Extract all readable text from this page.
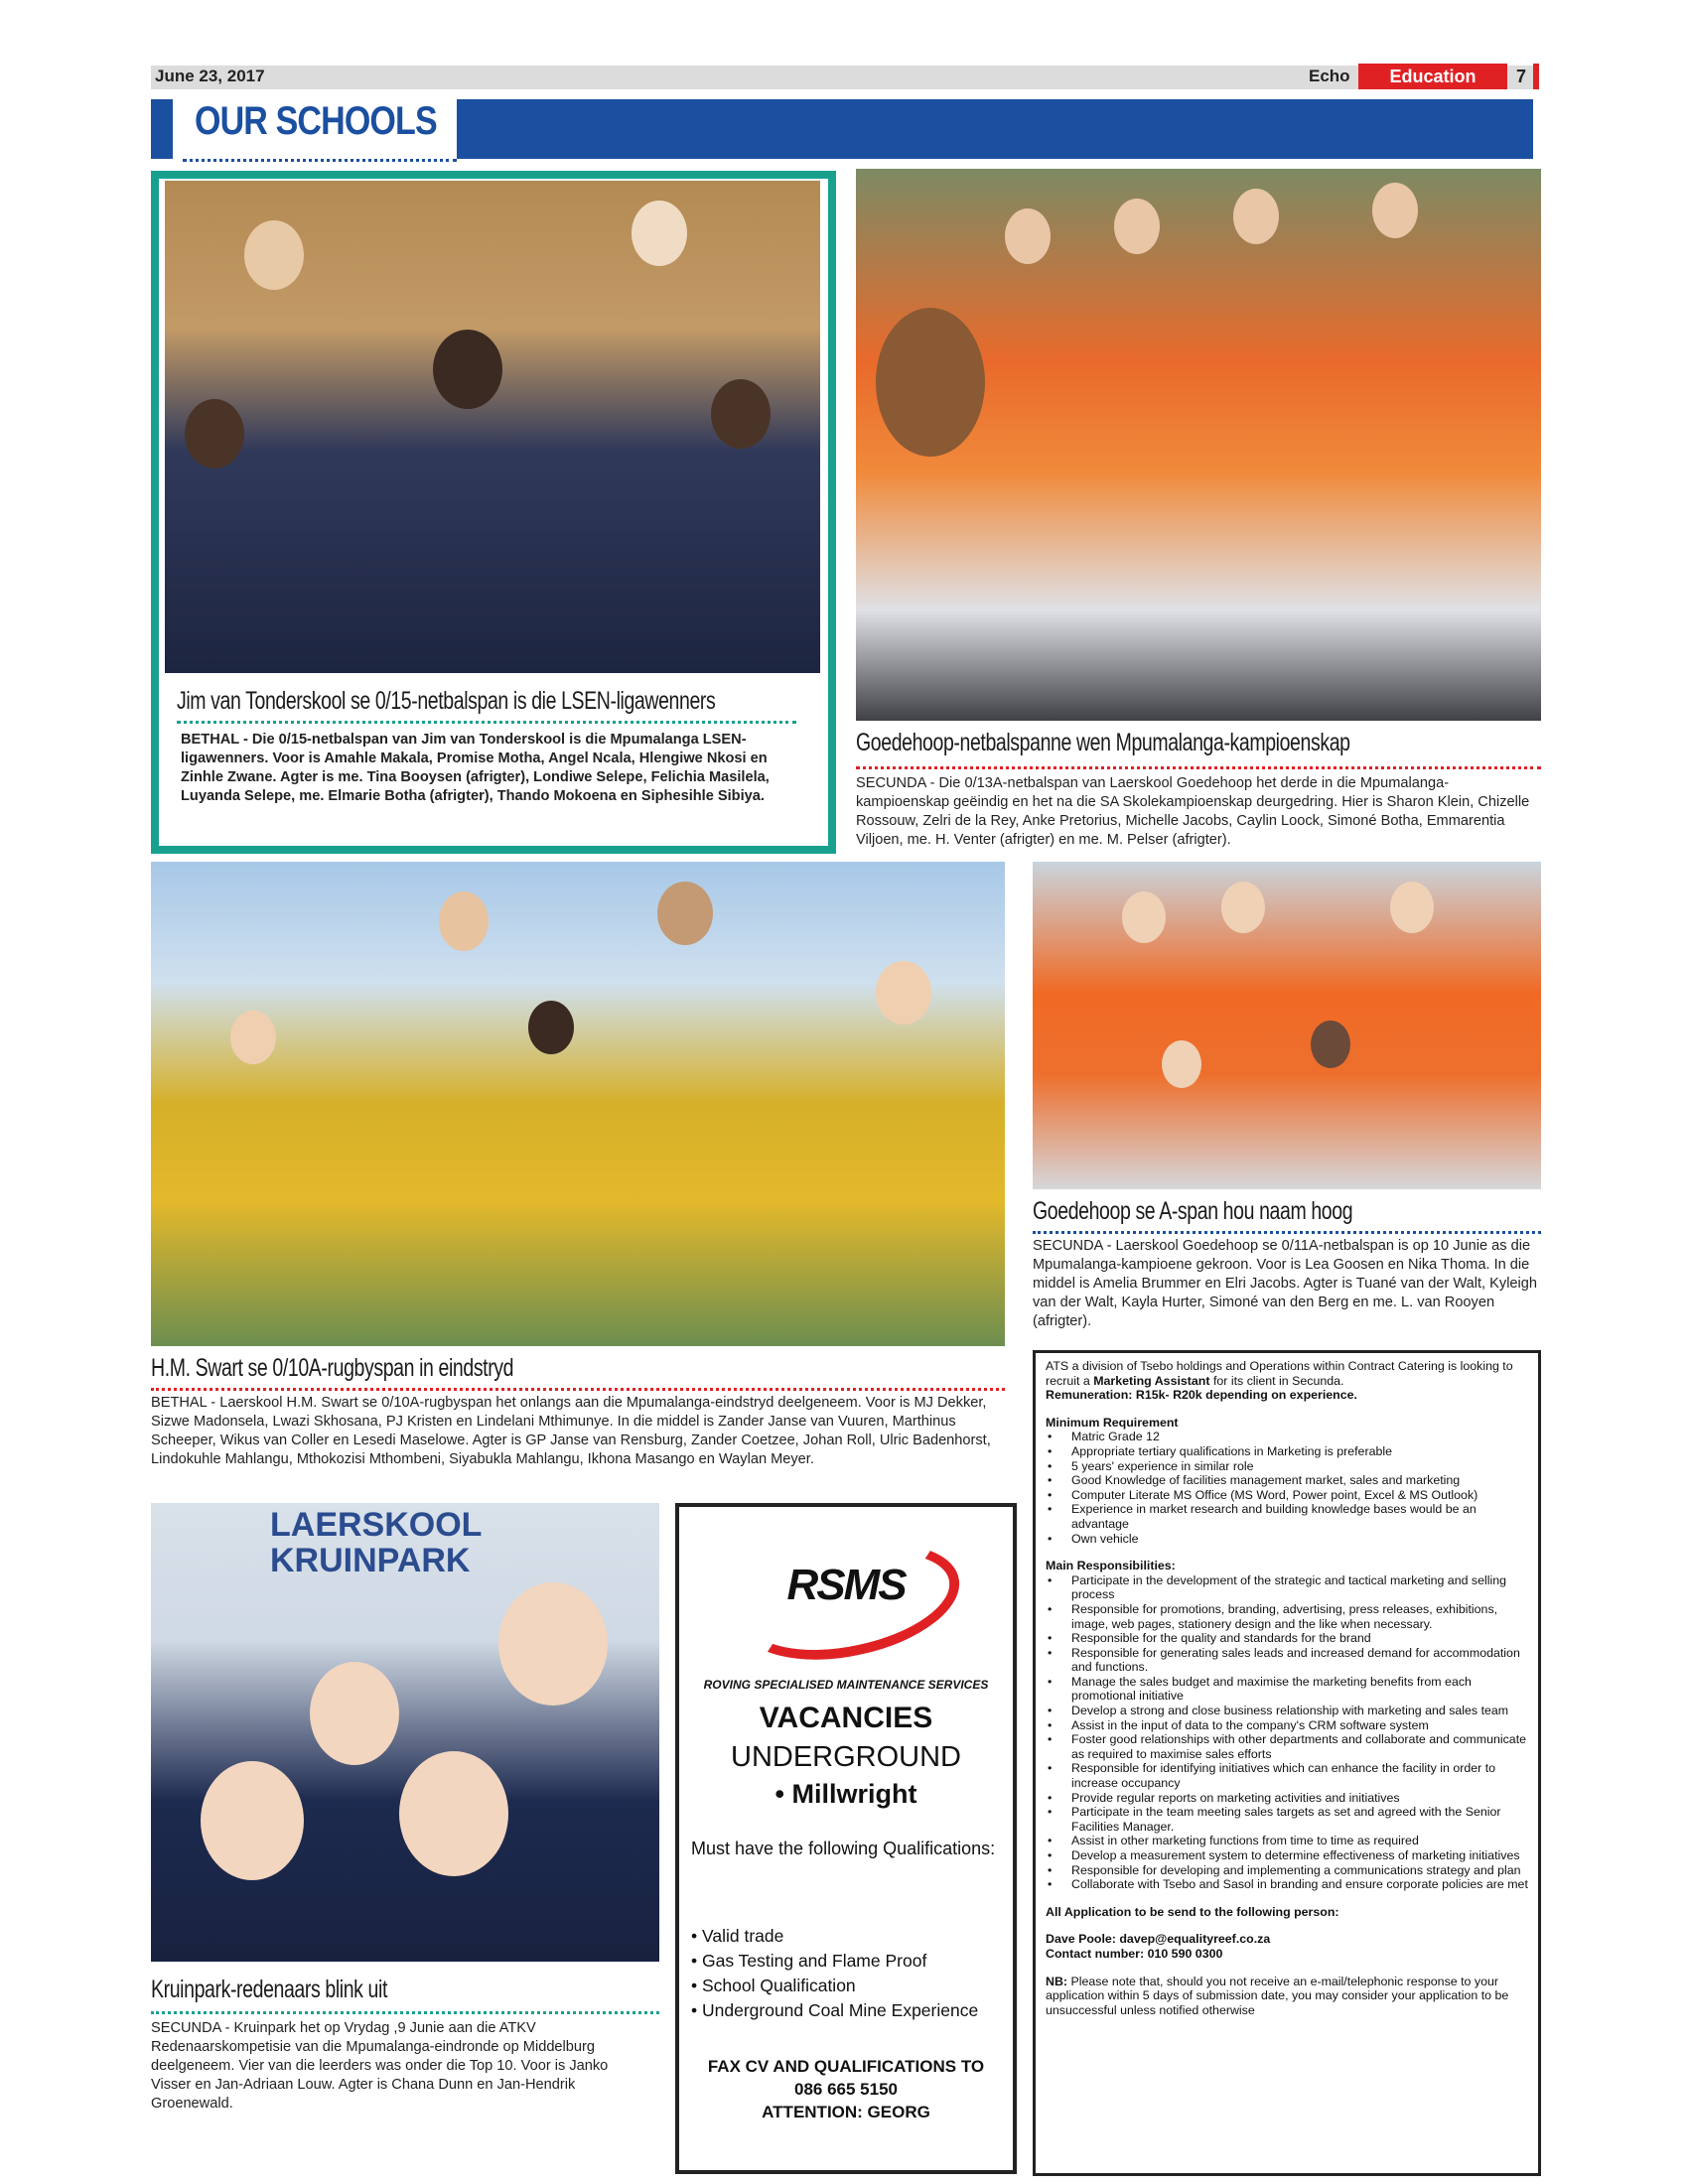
June 23, 2017	Echo	Education	7
OUR SCHOOLS
Jim van Tonderskool se 0/15-netbalspan is die LSEN-ligawenners
BETHAL - Die 0/15-netbalspan van Jim van Tonderskool is die Mpumalanga LSEN-ligawenners. Voor is Amahle Makala, Promise Motha, Angel Ncala, Hlengiwe Nkosi en Zinhle Zwane. Agter is me. Tina Booysen (afrigter), Londiwe Selepe, Felichia Masilela, Luyanda Selepe, me. Elmarie Botha (afrigter), Thando Mokoena en Siphesihle Sibiya.
Goedehoop-netbalspanne wen Mpumalanga-kampioenskap
SECUNDA - Die 0/13A-netbalspan van Laerskool Goedehoop het derde in die Mpumalanga-kampioenskap geëindig en het na die SA Skolekampioenskap deurgedring. Hier is Sharon Klein, Chizelle Rossouw, Zelri de la Rey, Anke Pretorius, Michelle Jacobs, Caylin Loock, Simoné Botha, Emmarentia Viljoen, me. H. Venter (afrigter) en me. M. Pelser (afrigter).
Goedehoop se A-span hou naam hoog
SECUNDA - Laerskool Goedehoop se 0/11A-netbalspan is op 10 Junie as die Mpumalanga-kampioene gekroon. Voor is Lea Goosen en Nika Thoma. In die middel is Amelia Brummer en Elri Jacobs. Agter is Tuané van der Walt, Kyleigh van der Walt, Kayla Hurter, Simoné van den Berg en me. L. van Rooyen (afrigter).
H.M. Swart se 0/10A-rugbyspan in eindstryd
BETHAL - Laerskool H.M. Swart se 0/10A-rugbyspan het onlangs aan die Mpumalanga-eindstryd deelgeneem. Voor is MJ Dekker, Sizwe Madonsela, Lwazi Skhosana, PJ Kristen en Lindelani Mthimunye. In die middel is Zander Janse van Vuuren, Marthinus Scheeper, Wikus van Coller en Lesedi Maselowe. Agter is GP Janse van Rensburg, Zander Coetzee, Johan Roll, Ulric Badenhorst, Lindokuhle Mahlangu, Mthokozisi Mthombeni, Siyabukla Mahlangu, Ikhona Masango en Waylan Meyer.
LAERSKOOL
KRUINPARK
Kruinpark-redenaars blink uit
SECUNDA - Kruinpark het op Vrydag ,9 Junie aan die ATKV Redenaarskompetisie van die Mpumalanga-eindronde op Middelburg deelgeneem. Vier van die leerders was onder die Top 10. Voor is Janko Visser en Jan-Adriaan Louw. Agter is Chana Dunn en Jan-Hendrik Groenewald.
RSMS
ROVING SPECIALISED MAINTENANCE SERVICES
VACANCIES
UNDERGROUND
• Millwright
Must have the following Qualifications:
• Valid trade
• Gas Testing and Flame Proof
• School Qualification
• Underground Coal Mine Experience
FAX CV AND QUALIFICATIONS TO
086 665 5150
ATTENTION: GEORG

ATS a division of Tsebo holdings and Operations within Contract Catering is looking to recruit a Marketing Assistant for its client in Secunda.

Remuneration: R15k- R20k depending on experience.

Minimum Requirement

• Matric Grade 12
• Appropriate tertiary qualifications in Marketing is preferable
• 5 years' experience in similar role
• Good Knowledge of facilities management market, sales and marketing
• Computer Literate MS Office (MS Word, Power point, Excel & MS Outlook)
• Experience in market research and building knowledge bases would be an advantage
• Own vehicle

Main Responsibilities:

• Participate in the development of the strategic and tactical marketing and selling process
• Responsible for promotions, branding, advertising, press releases, exhibitions, image, web pages, stationery design and the like when necessary.
• Responsible for the quality and standards for the brand
• Responsible for generating sales leads and increased demand for accommodation and functions.
• Manage the sales budget and maximise the marketing benefits from each promotional initiative
• Develop a strong and close business relationship with marketing and sales team
• Assist in the input of data to the company's CRM software system
• Foster good relationships with other departments and collaborate and communicate as required to maximise sales efforts
• Responsible for identifying initiatives which can enhance the facility in order to increase occupancy
• Provide regular reports on marketing activities and initiatives
• Participate in the team meeting sales targets as set and agreed with the Senior Facilities Manager.
• Assist in other marketing functions from time to time as required
• Develop a measurement system to determine effectiveness of marketing initiatives
• Responsible for developing and implementing a communications strategy and plan
• Collaborate with Tsebo and Sasol in branding and ensure corporate policies are met

All Application to be send to the following person:

Dave Poole: davep@equalityreef.co.za

Contact number: 010 590 0300

NB: Please note that, should you not receive an e-mail/telephonic response to your application within 5 days of submission date, you may consider your application to be unsuccessful unless notified otherwise
